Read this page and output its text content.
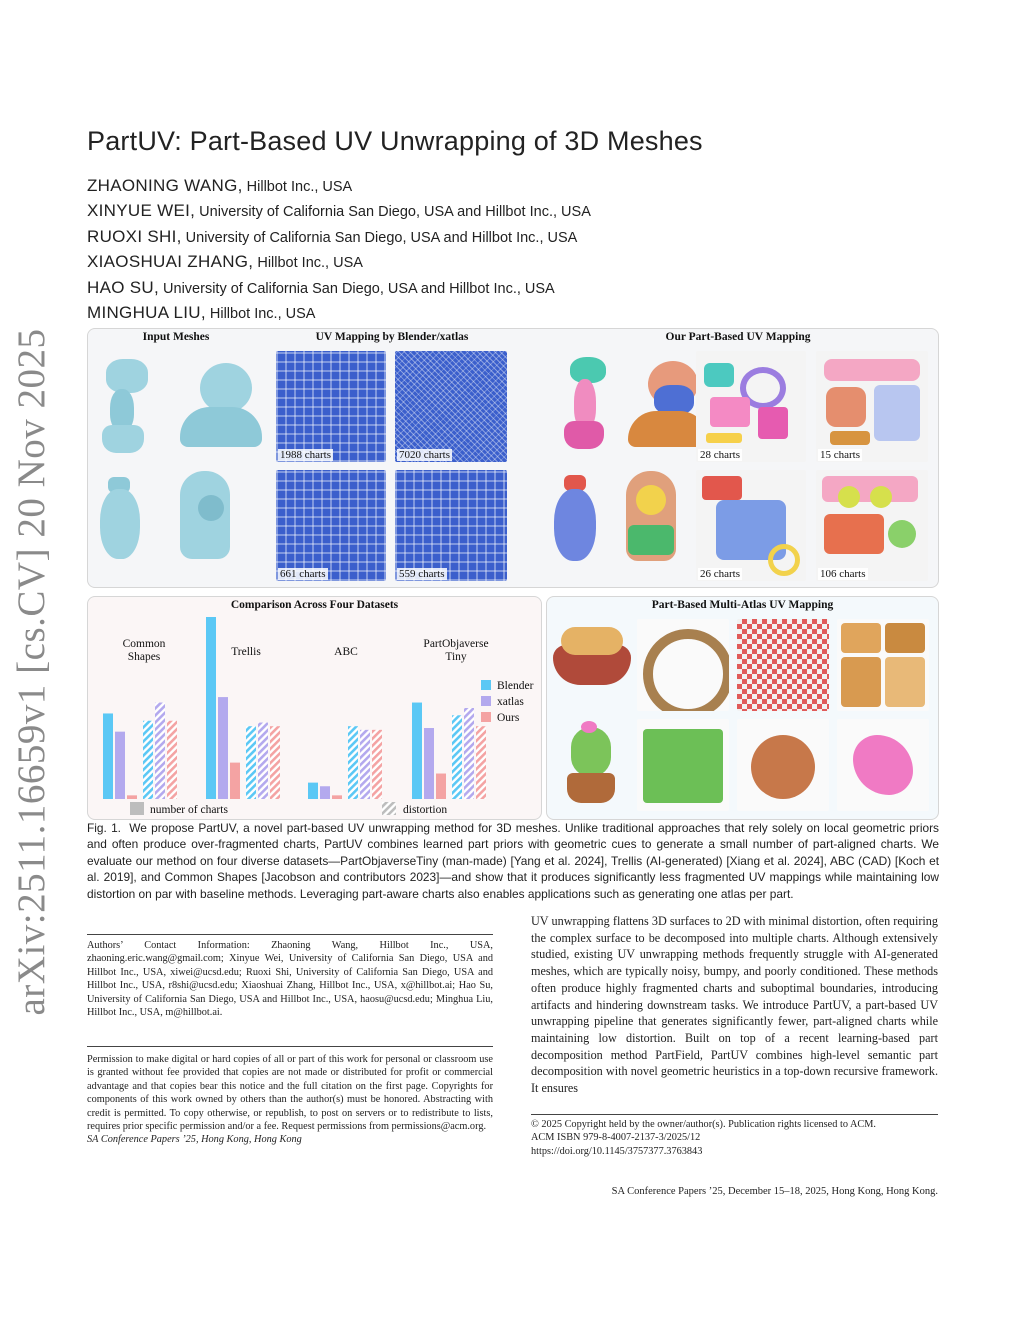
arXiv:2511.16659v1 [cs.CV] 20 Nov 2025
PartUV: Part-Based UV Unwrapping of 3D Meshes
ZHAONING WANG, Hillbot Inc., USA
XINYUE WEI, University of California San Diego, USA and Hillbot Inc., USA
RUOXI SHI, University of California San Diego, USA and Hillbot Inc., USA
XIAOSHUAI ZHANG, Hillbot Inc., USA
HAO SU, University of California San Diego, USA and Hillbot Inc., USA
MINGHUA LIU, Hillbot Inc., USA
Input Meshes	UV Mapping by Blender/xatlas	Our Part-Based UV Mapping
1988 charts	7020 charts
661 charts	559 charts
28 charts	15 charts
26 charts	106 charts
Comparison Across Four Datasets
Common
Shapes	Trellis	ABC
PartObjaverse
Tiny
Blender
xatlas
Ours
number of charts	distortion
Part-Based Multi-Atlas UV Mapping
Fig. 1. We propose PartUV, a novel part-based UV unwrapping method for 3D meshes. Unlike traditional approaches that rely solely on local geometric priors and often produce over-fragmented charts, PartUV combines learned part priors with geometric cues to generate a small number of part-aligned charts. We evaluate our method on four diverse datasets—PartObjaverseTiny (man-made) [Yang et al. 2024], Trellis (AI-generated) [Xiang et al. 2024], ABC (CAD) [Koch et al. 2019], and Common Shapes [Jacobson and contributors 2023]—and show that it produces significantly less fragmented UV mappings while maintaining low distortion on par with baseline methods. Leveraging part-aware charts also enables applications such as generating one atlas per part.
Authors’ Contact Information: Zhaoning Wang, Hillbot Inc., USA, zhaoning.eric.wang@gmail.com; Xinyue Wei, University of California San Diego, USA and Hillbot Inc., USA, xiwei@ucsd.edu; Ruoxi Shi, University of California San Diego, USA and Hillbot Inc., USA, r8shi@ucsd.edu; Xiaoshuai Zhang, Hillbot Inc., USA, x@hillbot.ai; Hao Su, University of California San Diego, USA and Hillbot Inc., USA, haosu@ucsd.edu; Minghua Liu, Hillbot Inc., USA, m@hillbot.ai.
Permission to make digital or hard copies of all or part of this work for personal or classroom use is granted without fee provided that copies are not made or distributed for profit or commercial advantage and that copies bear this notice and the full citation on the first page. Copyrights for components of this work owned by others than the author(s) must be honored. Abstracting with credit is permitted. To copy otherwise, or republish, to post on servers or to redistribute to lists, requires prior specific permission and/or a fee. Request permissions from permissions@acm.org.
SA Conference Papers ’25, Hong Kong, Hong Kong
UV unwrapping flattens 3D surfaces to 2D with minimal distortion, often requiring the complex surface to be decomposed into multiple charts. Although extensively studied, existing UV unwrapping methods frequently struggle with AI-generated meshes, which are typically noisy, bumpy, and poorly conditioned. These methods often produce highly fragmented charts and suboptimal boundaries, introducing artifacts and hindering downstream tasks. We introduce PartUV, a part-based UV unwrapping pipeline that generates significantly fewer, part-aligned charts while maintaining low distortion. Built on top of a recent learning-based part decomposition method PartField, PartUV combines high-level semantic part decomposition with novel geometric heuristics in a top-down recursive framework. It ensures
© 2025 Copyright held by the owner/author(s). Publication rights licensed to ACM.
ACM ISBN 979-8-4007-2137-3/2025/12
https://doi.org/10.1145/3757377.3763843
SA Conference Papers ’25, December 15–18, 2025, Hong Kong, Hong Kong.
